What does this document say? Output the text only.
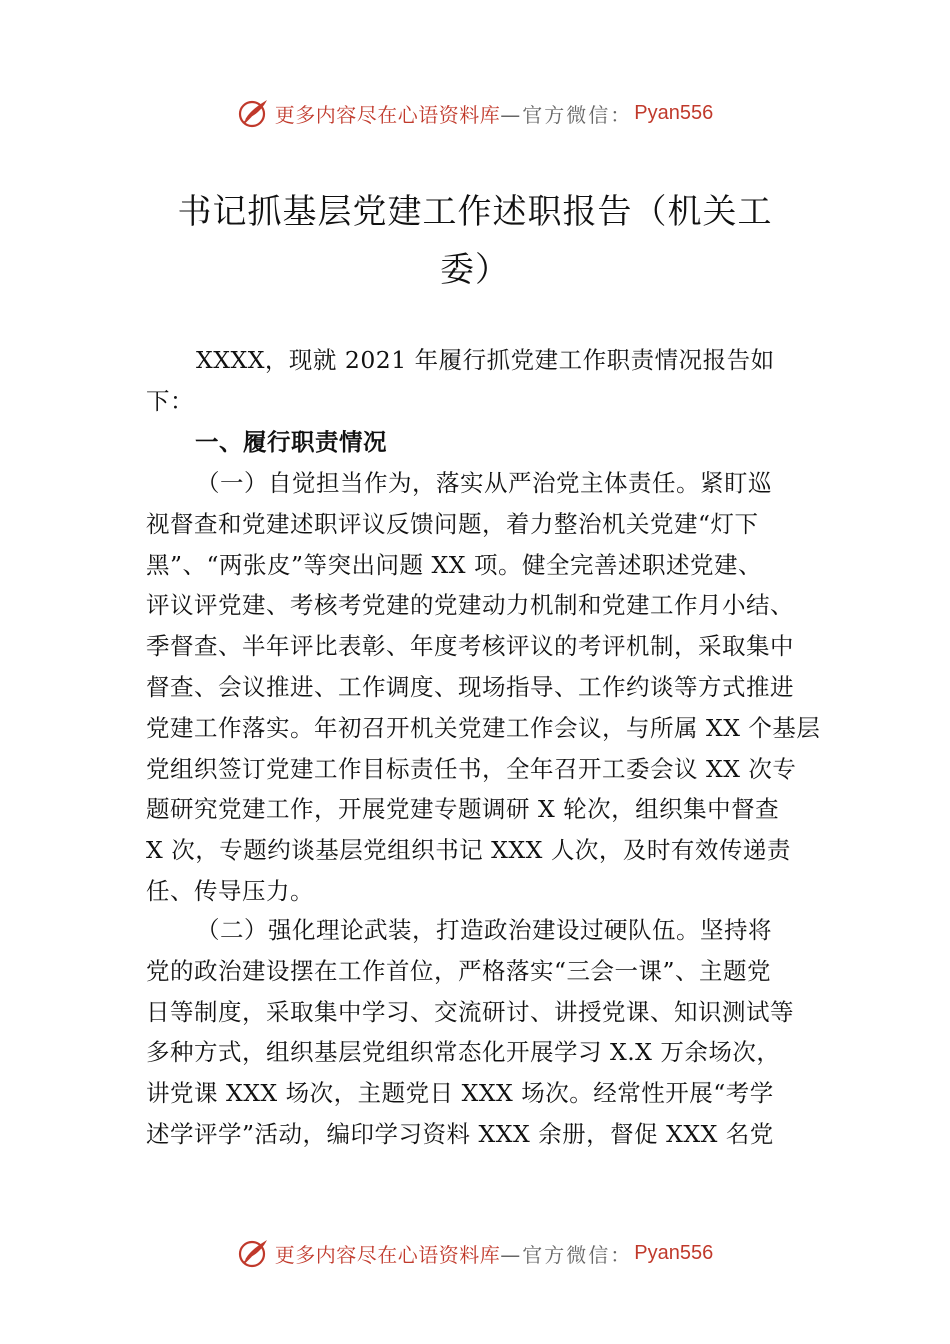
更多内容尽在心语资料库 —官方微信： Pyan556
书记抓基层党建工作述职报告（机关工
委）
XXXX，现就 2021 年履行抓党建工作职责情况报告如
下：
一、履行职责情况
（一）自觉担当作为，落实从严治党主体责任。紧盯巡
视督查和党建述职评议反馈问题，着力整治机关党建“灯下
黑”、“两张皮”等突出问题 XX 项。健全完善述职述党建、
评议评党建、考核考党建的党建动力机制和党建工作月小结、
季督查、半年评比表彰、年度考核评议的考评机制，采取集中
督查、会议推进、工作调度、现场指导、工作约谈等方式推进
党建工作落实。年初召开机关党建工作会议，与所属 XX 个基层
党组织签订党建工作目标责任书，全年召开工委会议 XX 次专
题研究党建工作，开展党建专题调研 X 轮次，组织集中督查
X 次，专题约谈基层党组织书记 XXX 人次，及时有效传递责
任、传导压力。
（二）强化理论武装，打造政治建设过硬队伍。坚持将
党的政治建设摆在工作首位，严格落实“三会一课”、主题党
日等制度，采取集中学习、交流研讨、讲授党课、知识测试等
多种方式，组织基层党组织常态化开展学习 X.X 万余场次，
讲党课 XXX 场次，主题党日 XXX 场次。经常性开展“考学
述学评学”活动，编印学习资料 XXX 余册，督促 XXX 名党
更多内容尽在心语资料库 —官方微信： Pyan556
